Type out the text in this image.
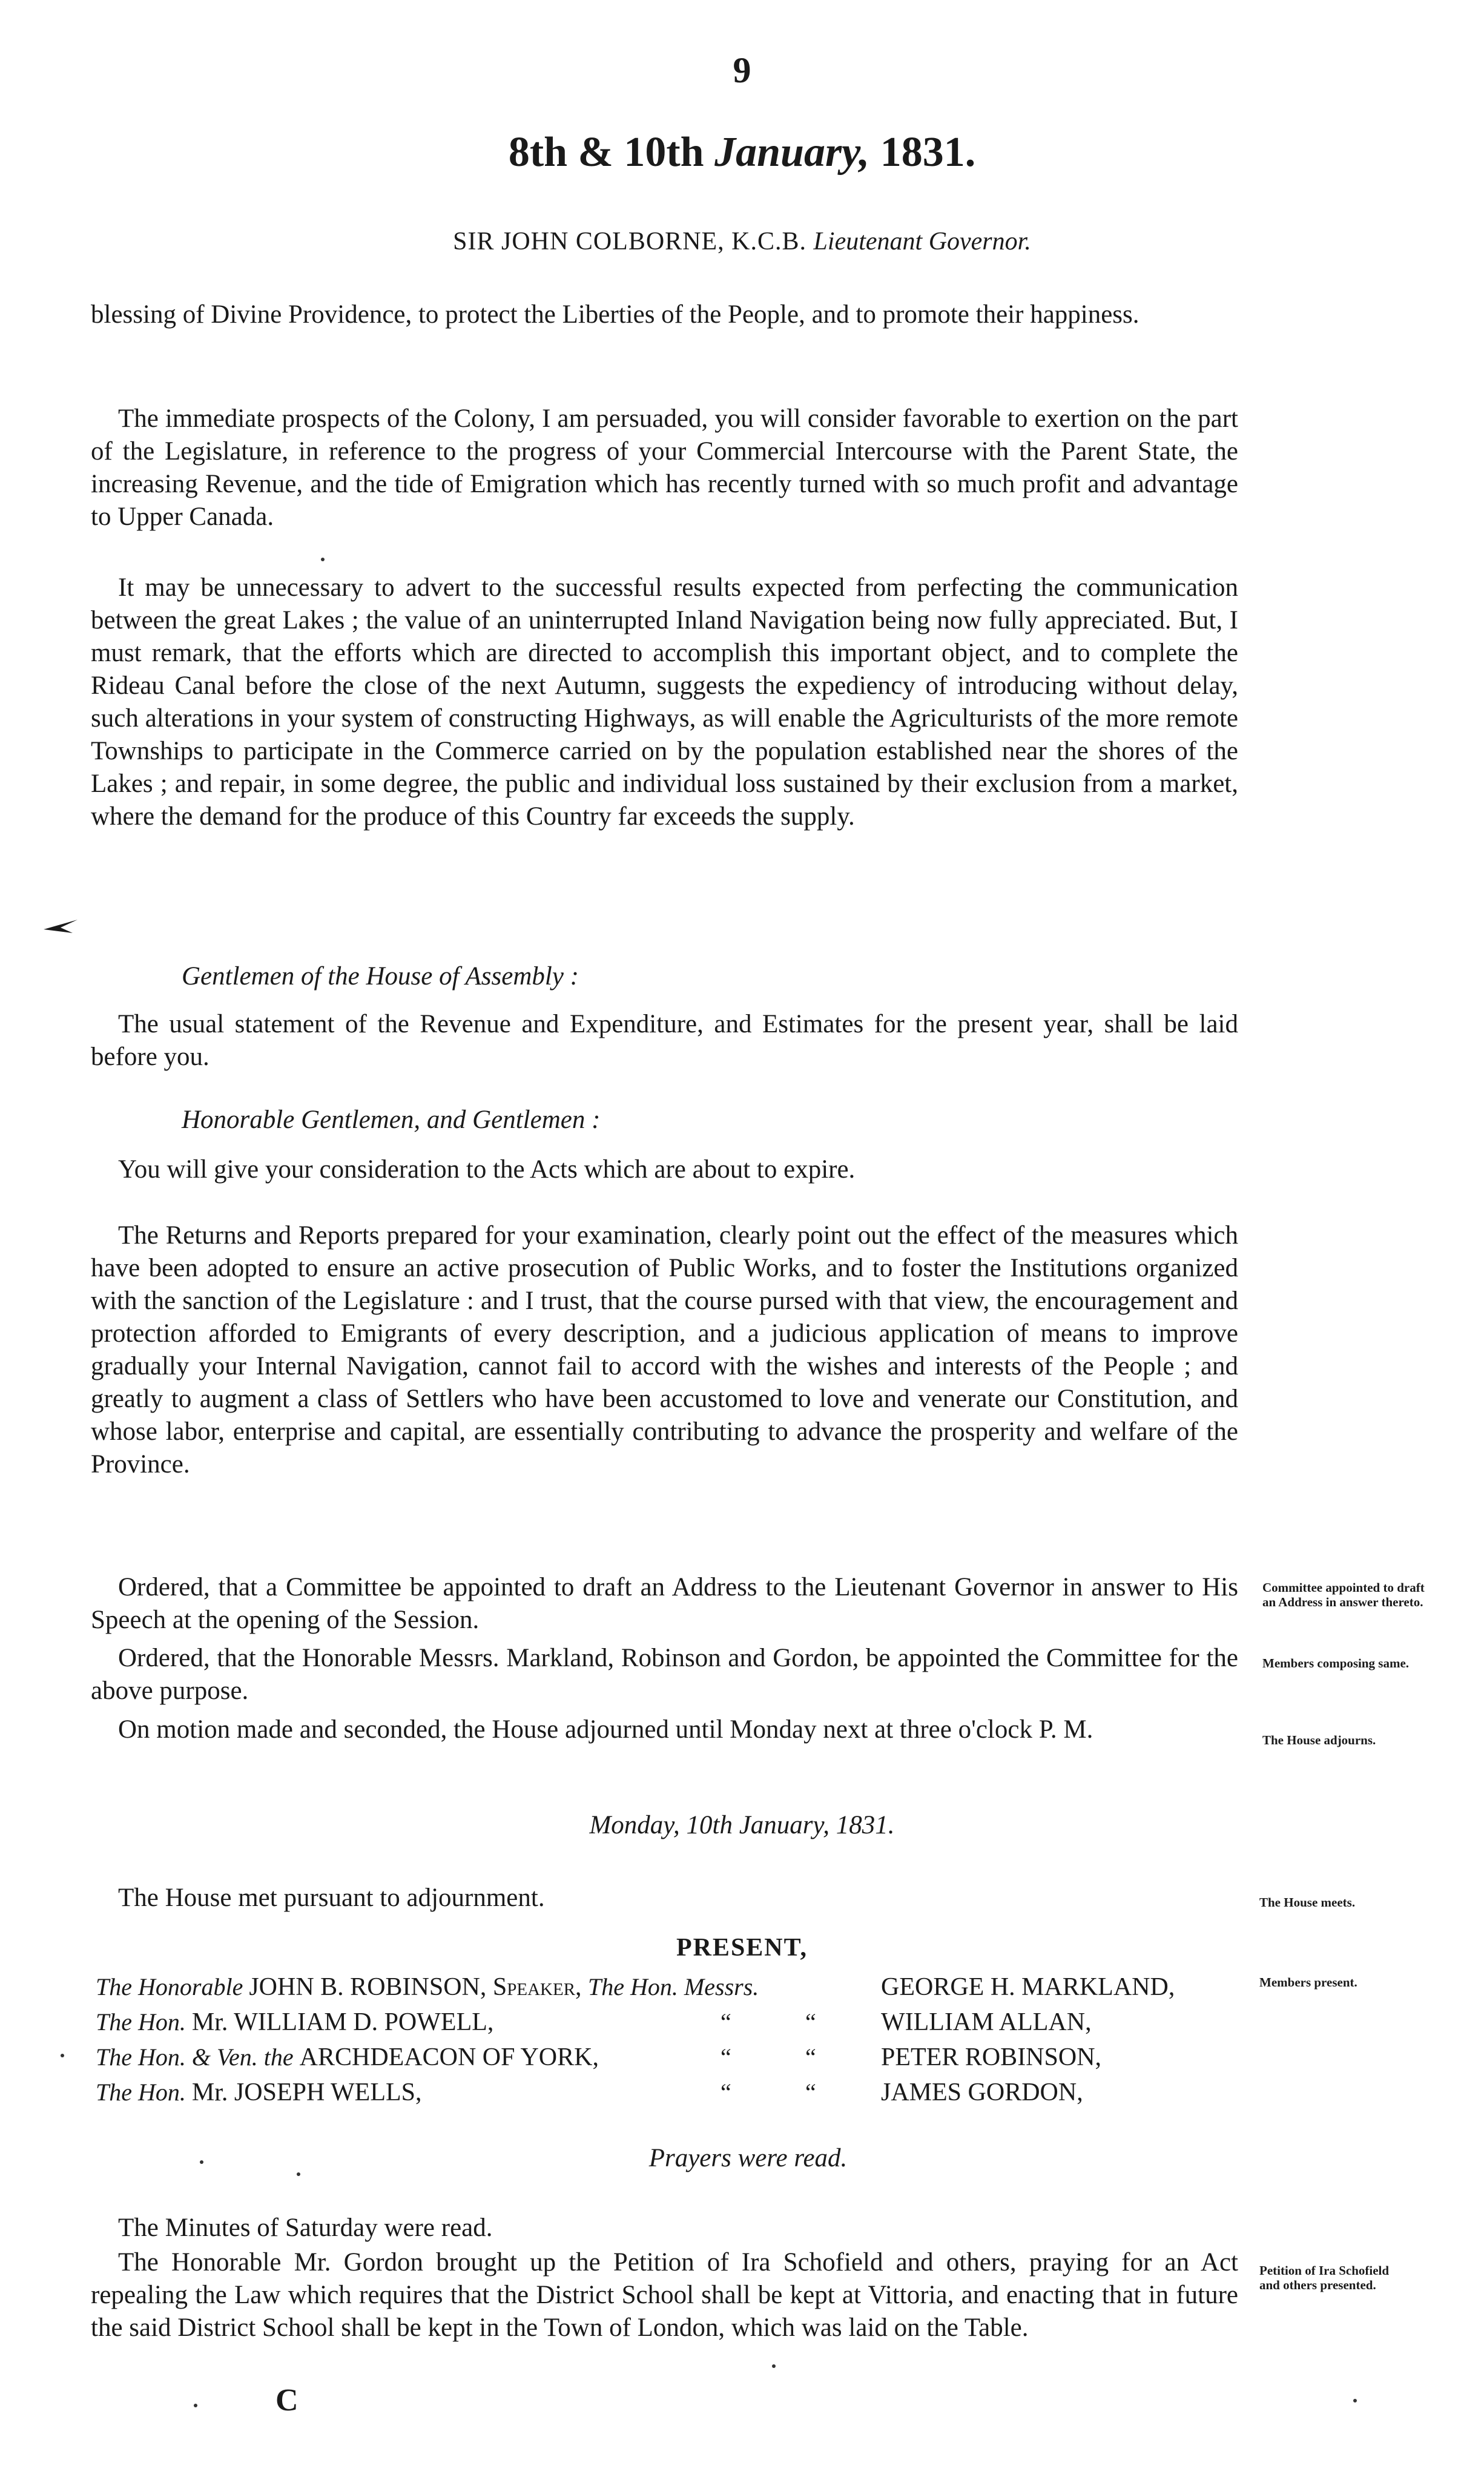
9
8th & 10th January, 1831.
SIR JOHN COLBORNE, K.C.B. Lieutenant Governor.
blessing of Divine Providence, to protect the Liberties of the People, and to promote their happiness.
The immediate prospects of the Colony, I am persuaded, you will consider favorable to exertion on the part of the Legislature, in reference to the progress of your Commercial Intercourse with the Parent State, the increasing Revenue, and the tide of Emigration which has recently turned with so much profit and advantage to Upper Canada.
It may be unnecessary to advert to the successful results expected from perfecting the communication between the great Lakes ; the value of an uninterrupted Inland Navigation being now fully appreciated. But, I must remark, that the efforts which are directed to accomplish this important object, and to complete the Rideau Canal before the close of the next Autumn, suggests the expediency of introducing without delay, such alterations in your system of constructing Highways, as will enable the Agriculturists of the more remote Townships to participate in the Commerce carried on by the population established near the shores of the Lakes ; and repair, in some degree, the public and individual loss sustained by their exclusion from a market, where the demand for the produce of this Country far exceeds the supply.
Gentlemen of the House of Assembly :
The usual statement of the Revenue and Expenditure, and Estimates for the present year, shall be laid before you.
Honorable Gentlemen, and Gentlemen :
You will give your consideration to the Acts which are about to expire.
The Returns and Reports prepared for your examination, clearly point out the effect of the measures which have been adopted to ensure an active prosecution of Public Works, and to foster the Institutions organized with the sanction of the Legislature : and I trust, that the course pursed with that view, the encouragement and protection afforded to Emigrants of every description, and a judicious application of means to improve gradually your Internal Navigation, cannot fail to accord with the wishes and interests of the People ; and greatly to augment a class of Settlers who have been accustomed to love and venerate our Constitution, and whose labor, enterprise and capital, are essentially contributing to advance the prosperity and welfare of the Province.
Ordered, that a Committee be appointed to draft an Address to the Lieutenant Governor in answer to His Speech at the opening of the Session.
Ordered, that the Honorable Messrs. Markland, Robinson and Gordon, be appointed the Committee for the above purpose.
On motion made and seconded, the House adjourned until Monday next at three o'clock P. M.
Committee appointed to draft an Address in answer thereto.
Members composing same.
The House adjourns.
Monday, 10th January, 1831.
The House met pursuant to adjournment.	The House meets.
PRESENT,
Members present.
The Honorable JOHN B. ROBINSON, Speaker, The Hon. Messrs.	GEORGE H. MARKLAND,
The Hon. Mr. WILLIAM D. POWELL,	“	“	WILLIAM ALLAN,
The Hon. & Ven. the ARCHDEACON OF YORK,	“	“	PETER ROBINSON,
The Hon. Mr. JOSEPH WELLS,	“	“	JAMES GORDON,
Prayers were read.
The Minutes of Saturday were read.
The Honorable Mr. Gordon brought up the Petition of Ira Schofield and others, praying for an Act repealing the Law which requires that the District School shall be kept at Vittoria, and enacting that in future the said District School shall be kept in the Town of London, which was laid on the Table.
Petition of Ira Schofield and others presented.
C
